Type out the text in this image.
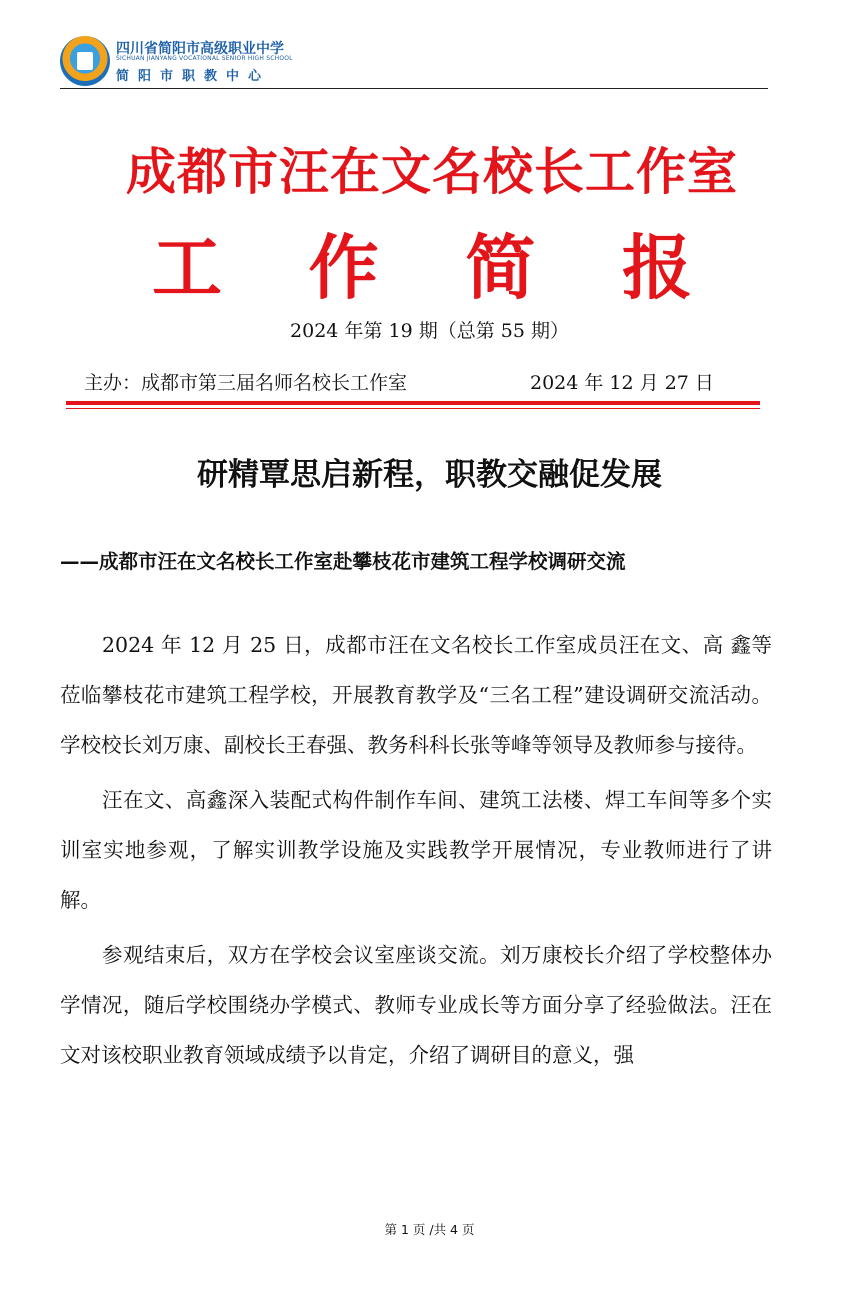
四川省简阳市高级职业中学
SICHUAN JIANYANG VOCATIONAL SENIOR HIGH SCHOOL
简阳市职教中心
成都市汪在文名校长工作室
工 作 简 报
2024 年第 19 期（总第 55 期）
主办：成都市第三届名师名校长工作室	2024 年 12 月 27 日
研精覃思启新程，职教交融促发展
——成都市汪在文名校长工作室赴攀枝花市建筑工程学校调研交流

2024 年 12 月 25 日，成都市汪在文名校长工作室成员汪在文、高 鑫等莅临攀枝花市建筑工程学校，开展教育教学及“三名工程”建设调研交流活动。学校校长刘万康、副校长王春强、教务科科长张等峰等领导及教师参与接待。

汪在文、高鑫深入装配式构件制作车间、建筑工法楼、焊工车间等多个实训室实地参观，了解实训教学设施及实践教学开展情况，专业教师进行了讲解。

参观结束后，双方在学校会议室座谈交流。刘万康校长介绍了学校整体办学情况，随后学校围绕办学模式、教师专业成长等方面分享了经验做法。汪在文对该校职业教育领域成绩予以肯定，介绍了调研目的意义，强

第 1 页 /共 4 页
